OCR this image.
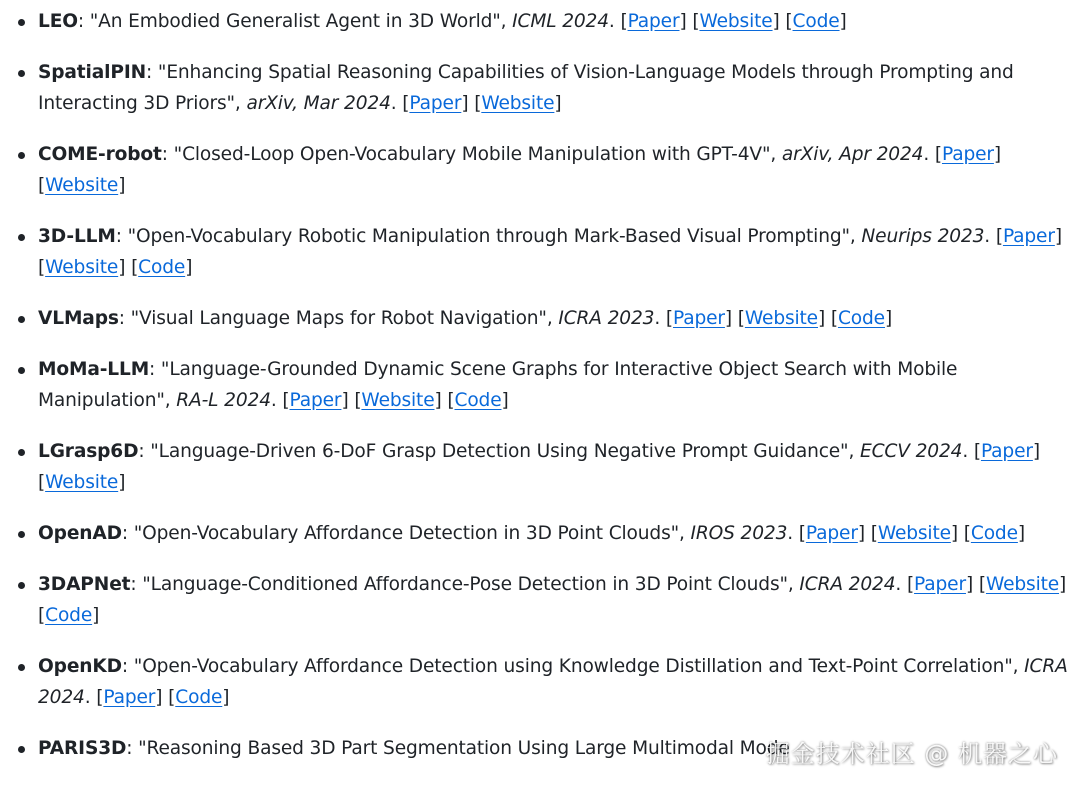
LEO: "An Embodied Generalist Agent in 3D World", ICML 2024. [Paper] [Website] [Code]
SpatialPIN: "Enhancing Spatial Reasoning Capabilities of Vision-Language Models through Prompting and Interacting 3D Priors", arXiv, Mar 2024. [Paper] [Website]
COME-robot: "Closed-Loop Open-Vocabulary Mobile Manipulation with GPT-4V", arXiv, Apr 2024. [Paper] [Website]
3D-LLM: "Open-Vocabulary Robotic Manipulation through Mark-Based Visual Prompting", Neurips 2023. [Paper] [Website] [Code]
VLMaps: "Visual Language Maps for Robot Navigation", ICRA 2023. [Paper] [Website] [Code]
MoMa-LLM: "Language-Grounded Dynamic Scene Graphs for Interactive Object Search with Mobile Manipulation", RA-L 2024. [Paper] [Website] [Code]
LGrasp6D: "Language-Driven 6-DoF Grasp Detection Using Negative Prompt Guidance", ECCV 2024. [Paper] [Website]
OpenAD: "Open-Vocabulary Affordance Detection in 3D Point Clouds", IROS 2023. [Paper] [Website] [Code]
3DAPNet: "Language-Conditioned Affordance-Pose Detection in 3D Point Clouds", ICRA 2024. [Paper] [Website] [Code]
OpenKD: "Open-Vocabulary Affordance Detection using Knowledge Distillation and Text-Point Correlation", ICRA 2024. [Paper] [Code]
PARIS3D: "Reasoning Based 3D Part Segmentation Using Large Multimodal Mode
掘金技术社区 @ 机器之心
